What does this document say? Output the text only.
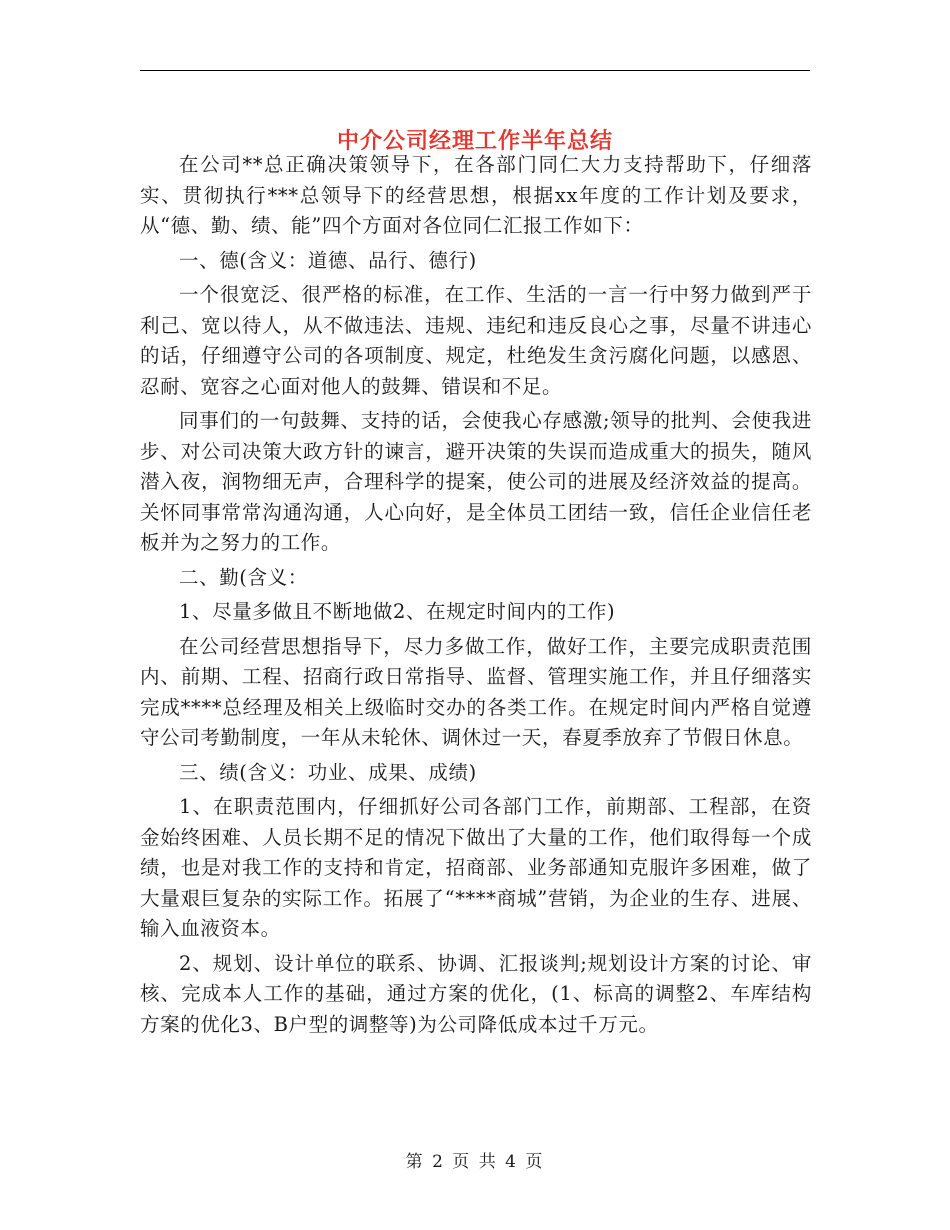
中介公司经理工作半年总结

在公司**总正确决策领导下，在各部门同仁大力支持帮助下，仔细落实、贯彻执行***总领导下的经营思想，根据xx年度的工作计划及要求，从“德、勤、绩、能”四个方面对各位同仁汇报工作如下：

一、德(含义：道德、品行、德行)

一个很宽泛、很严格的标准，在工作、生活的一言一行中努力做到严于利己、宽以待人，从不做违法、违规、违纪和违反良心之事，尽量不讲违心的话，仔细遵守公司的各项制度、规定，杜绝发生贪污腐化问题，以感恩、忍耐、宽容之心面对他人的鼓舞、错误和不足。

同事们的一句鼓舞、支持的话，会使我心存感激;领导的批判、会使我进步、对公司决策大政方针的谏言，避开决策的失误而造成重大的损失，随风潜入夜，润物细无声，合理科学的提案，使公司的进展及经济效益的提高。关怀同事常常沟通沟通，人心向好，是全体员工团结一致，信任企业信任老板并为之努力的工作。

二、勤(含义：

1、尽量多做且不断地做2、在规定时间内的工作)

在公司经营思想指导下，尽力多做工作，做好工作，主要完成职责范围内、前期、工程、招商行政日常指导、监督、管理实施工作，并且仔细落实完成****总经理及相关上级临时交办的各类工作。在规定时间内严格自觉遵守公司考勤制度，一年从未轮休、调休过一天，春夏季放弃了节假日休息。

三、绩(含义：功业、成果、成绩)

1、在职责范围内，仔细抓好公司各部门工作，前期部、工程部，在资金始终困难、人员长期不足的情况下做出了大量的工作，他们取得每一个成绩，也是对我工作的支持和肯定，招商部、业务部通知克服许多困难，做了大量艰巨复杂的实际工作。拓展了“****商城”营销，为企业的生存、进展、输入血液资本。

2、规划、设计单位的联系、协调、汇报谈判;规划设计方案的讨论、审核、完成本人工作的基础，通过方案的优化，(1、标高的调整2、车库结构方案的优化3、B户型的调整等)为公司降低成本过千万元。

第 2 页 共 4 页
